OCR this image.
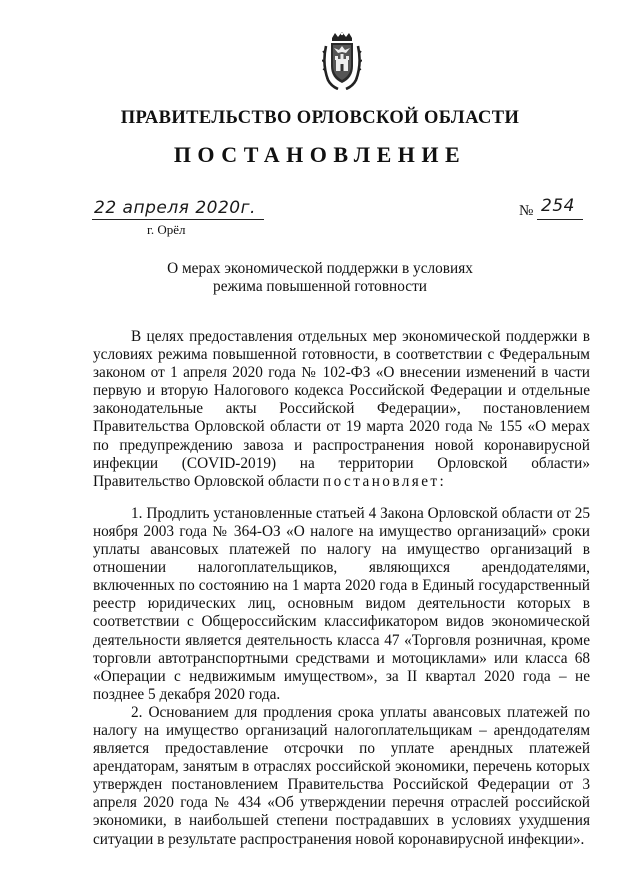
ПРАВИТЕЛЬСТВО ОРЛОВСКОЙ ОБЛАСТИ
ПОСТАНОВЛЕНИЕ
22 апреля 2020г.
г. Орёл
№ 254
О мерах экономической поддержки в условиях
режима повышенной готовности

В целях предоставления отдельных мер экономической поддержки в условиях режима повышенной готовности, в соответствии с Федеральным законом от 1 апреля 2020 года № 102-ФЗ «О внесении изменений в части первую и вторую Налогового кодекса Российской Федерации и отдельные законодательные акты Российской Федерации», постановлением Правительства Орловской области от 19 марта 2020 года № 155 «О мерах по предупреждению завоза и распространения новой коронавирусной инфекции (COVID-2019) на территории Орловской области» Правительство Орловской области постановляет:

1. Продлить установленные статьей 4 Закона Орловской области от 25 ноября 2003 года № 364-ОЗ «О налоге на имущество организаций» сроки уплаты авансовых платежей по налогу на имущество организаций в отношении налогоплательщиков, являющихся арендодателями, включенных по состоянию на 1 марта 2020 года в Единый государственный реестр юридических лиц, основным видом деятельности которых в соответствии с Общероссийским классификатором видов экономической деятельности является деятельность класса 47 «Торговля розничная, кроме торговли автотранспортными средствами и мотоциклами» или класса 68 «Операции с недвижимым имуществом», за II квартал 2020 года – не позднее 5 декабря 2020 года.

2. Основанием для продления срока уплаты авансовых платежей по налогу на имущество организаций налогоплательщикам – арендодателям является предоставление отсрочки по уплате арендных платежей арендаторам, занятым в отраслях российской экономики, перечень которых утвержден постановлением Правительства Российской Федерации от 3 апреля 2020 года № 434 «Об утверждении перечня отраслей российской экономики, в наибольшей степени пострадавших в условиях ухудшения ситуации в результате распространения новой коронавирусной инфекции».
